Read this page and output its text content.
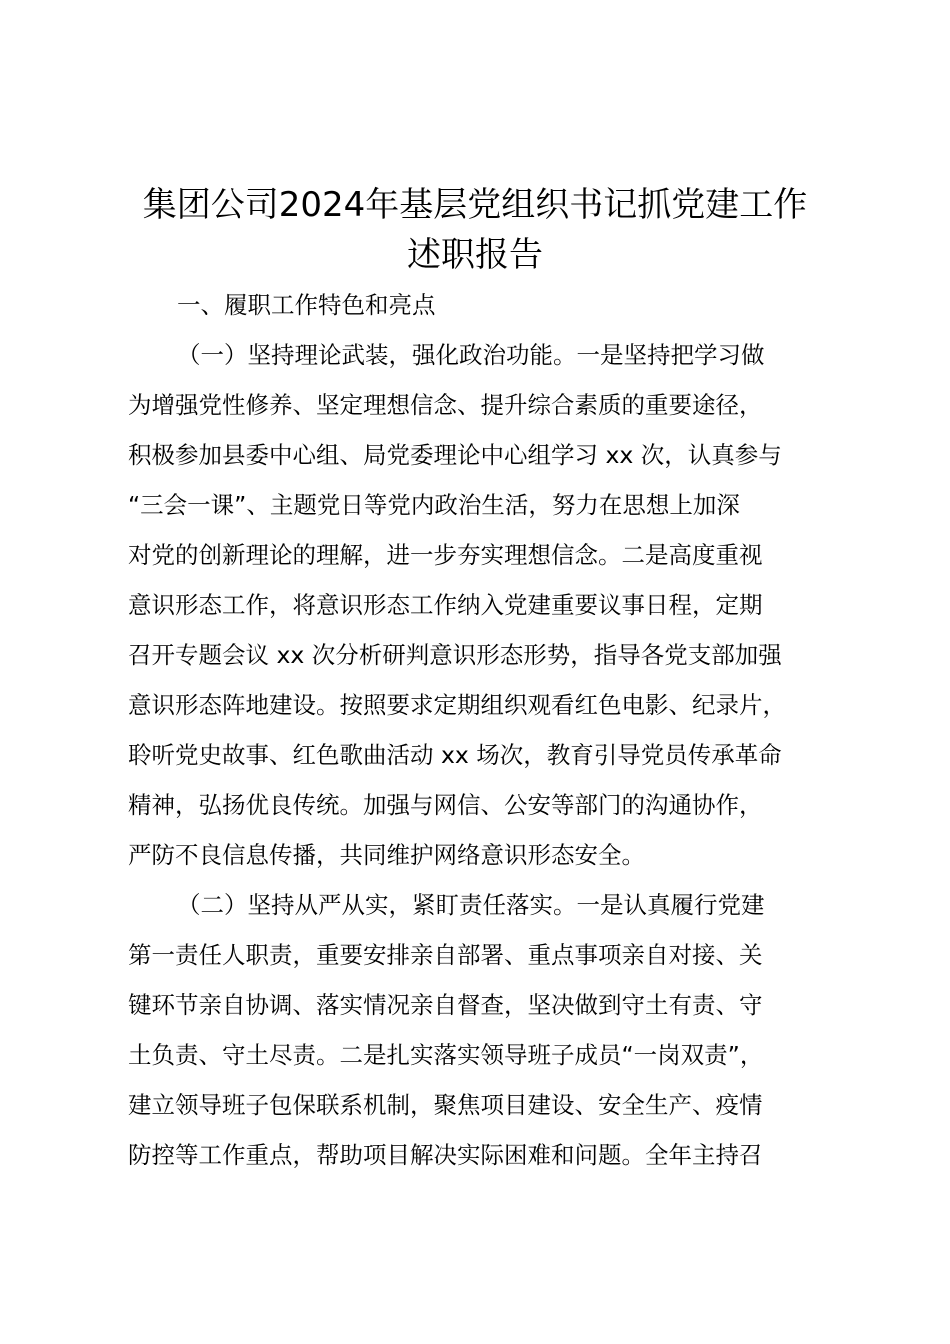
集团公司2024年基层党组织书记抓党建工作
述职报告

一、履职工作特色和亮点

（一）坚持理论武装，强化政治功能。一是坚持把学习做

为增强党性修养、坚定理想信念、提升综合素质的重要途径，

积极参加县委中心组、局党委理论中心组学习 xx 次，认真参与

“三会一课”、主题党日等党内政治生活，努力在思想上加深

对党的创新理论的理解，进一步夯实理想信念。二是高度重视

意识形态工作，将意识形态工作纳入党建重要议事日程，定期

召开专题会议 xx 次分析研判意识形态形势，指导各党支部加强

意识形态阵地建设。按照要求定期组织观看红色电影、纪录片，

聆听党史故事、红色歌曲活动 xx 场次，教育引导党员传承革命

精神，弘扬优良传统。加强与网信、公安等部门的沟通协作，

严防不良信息传播，共同维护网络意识形态安全。

（二）坚持从严从实，紧盯责任落实。一是认真履行党建

第一责任人职责，重要安排亲自部署、重点事项亲自对接、关

键环节亲自协调、落实情况亲自督查，坚决做到守土有责、守

土负责、守土尽责。二是扎实落实领导班子成员“一岗双责”，

建立领导班子包保联系机制，聚焦项目建设、安全生产、疫情

防控等工作重点，帮助项目解决实际困难和问题。全年主持召
